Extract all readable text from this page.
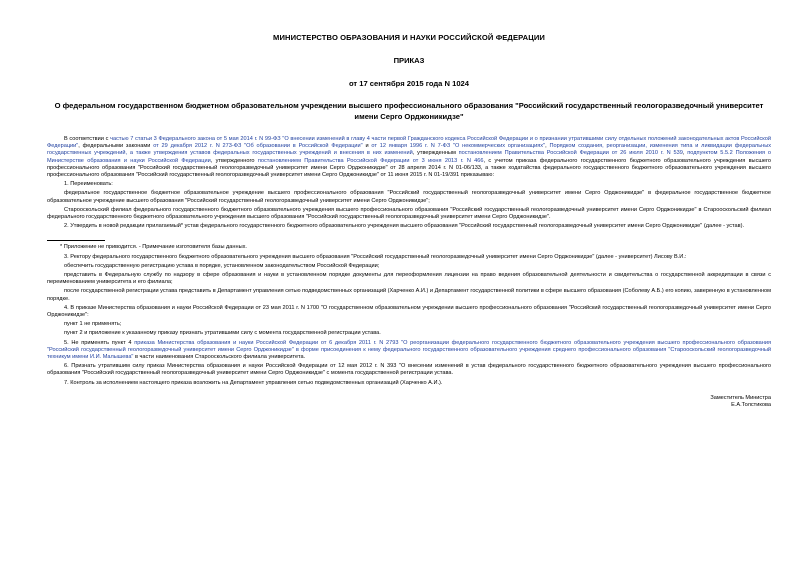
МИНИСТЕРСТВО ОБРАЗОВАНИЯ И НАУКИ РОССИЙСКОЙ ФЕДЕРАЦИИ
ПРИКАЗ
от 17 сентября 2015 года N 1024
О федеральном государственном бюджетном образовательном учреждении высшего профессионального образования "Российский государственный геологоразведочный университет имени Серго Орджоникидзе"

В соответствии с частью 7 статьи 3 Федерального закона от 5 мая 2014 г. N 99-ФЗ "О внесении изменений в главу 4 части первой Гражданского кодекса Российской Федерации и о признании утратившими силу отдельных положений законодательных актов Российской Федерации", федеральными законами от 29 декабря 2012 г. N 273-ФЗ "Об образовании в Российской Федерации" и от 12 января 1996 г. N 7-ФЗ "О некоммерческих организациях", Порядком создания, реорганизации, изменения типа и ликвидации федеральных государственных учреждений, а также утверждения уставов федеральных государственных учреждений и внесения в них изменений, утвержденным постановлением Правительства Российской Федерации от 26 июля 2010 г. N 539, подпунктом 5.5.2 Положения о Министерстве образования и науки Российской Федерации, утвержденного постановлением Правительства Российской Федерации от 3 июня 2013 г. N 466, с учетом приказа федерального государственного бюджетного образовательного учреждения высшего профессионального образования "Российский государственный геологоразведочный университет имени Серго Орджоникидзе" от 28 апреля 2014 г. N 01-06/133, а также ходатайства федерального государственного бюджетного образовательного учреждения высшего профессионального образования "Российский государственный геологоразведочный университет имени Серго Орджоникидзе" от 11 июня 2015 г. N 01-19/391 приказываю:

1. Переименовать:

федеральное государственное бюджетное образовательное учреждение высшего профессионального образования "Российский государственный геологоразведочный университет имени Серго Орджоникидзе" в федеральное государственное бюджетное образовательное учреждение высшего образования "Российский государственный геологоразведочный университет имени Серго Орджоникидзе";

Старооскольский филиал федерального государственного бюджетного образовательного учреждения высшего профессионального образования "Российский государственный геологоразведочный университет имени Серго Орджоникидзе" в Старооскольский филиал федерального государственного бюджетного образовательного учреждения высшего образования "Российский государственный геологоразведочный университет имени Серго Орджоникидзе".

2. Утвердить в новой редакции прилагаемый* устав федерального государственного бюджетного образовательного учреждения высшего образования "Российский государственный геологоразведочный университет имени Серго Орджоникидзе" (далее - устав).

* Приложение не приводится. - Примечание изготовителя базы данных.

3. Ректору федерального государственного бюджетного образовательного учреждения высшего образования "Российский государственный геологоразведочный университет имени Серго Орджоникидзе" (далее - университет) Лисову В.И.:

обеспечить государственную регистрацию устава в порядке, установленном законодательством Российской Федерации;

представить в Федеральную службу по надзору в сфере образования и науки в установленном порядке документы для переоформления лицензии на право ведения образовательной деятельности и свидетельства о государственной аккредитации в связи с переименованием университета и его филиала;

после государственной регистрации устава представить в Департамент управления сетью подведомственных организаций (Харченко А.И.) и Департамент государственной политики в сфере высшего образования (Соболеву А.Б.) его копию, заверенную в установленном порядке.

4. В приказе Министерства образования и науки Российской Федерации от 23 мая 2011 г. N 1700 "О государственном образовательном учреждении высшего профессионального образования "Российский государственный геологоразведочный университет имени Серго Орджоникидзе":

пункт 1 не применять;

пункт 2 и приложение к указанному приказу признать утратившими силу с момента государственной регистрации устава.

5. Не применять пункт 4 приказа Министерства образования и науки Российской Федерации от 6 декабря 2011 г. N 2793 "О реорганизации федерального государственного бюджетного образовательного учреждения высшего профессионального образования "Российский государственный геологоразведочный университет имени Серго Орджоникидзе" в форме присоединения к нему федерального государственного образовательного учреждения среднего профессионального образования "Старооскольский геологоразведочный техникум имени И.И. Малышева" в части наименования Старооскольского филиала университета.

6. Признать утратившим силу приказ Министерства образования и науки Российской Федерации от 12 мая 2012 г. N 393 "О внесении изменений в устав федерального государственного бюджетного образовательного учреждения высшего профессионального образования "Российский государственный геологоразведочный университет имени Серго Орджоникидзе" с момента государственной регистрации устава.

7. Контроль за исполнением настоящего приказа возложить на Департамент управления сетью подведомственных организаций (Харченко А.И.).

Заместитель Министра
Е.А.Толстикова
